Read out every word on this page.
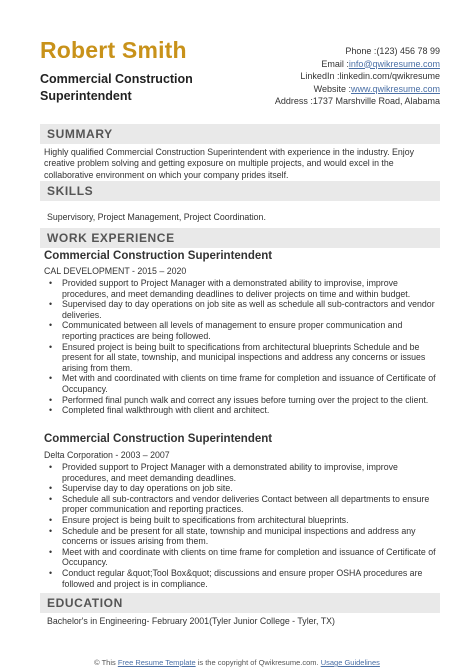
Robert Smith
Commercial Construction Superintendent
Phone :(123) 456 78 99
Email :info@qwikresume.com
LinkedIn :linkedin.com/qwikresume
Website :www.qwikresume.com
Address :1737 Marshville Road, Alabama
SUMMARY
Highly qualified Commercial Construction Superintendent with experience in the industry. Enjoy creative problem solving and getting exposure on multiple projects, and would excel in the collaborative environment on which your company prides itself.
SKILLS
Supervisory, Project Management, Project Coordination.
WORK EXPERIENCE
Commercial Construction Superintendent
CAL DEVELOPMENT - 2015 – 2020
• Provided support to Project Manager with a demonstrated ability to improvise, improve procedures, and meet demanding deadlines to deliver projects on time and within budget.
• Supervised day to day operations on job site as well as schedule all sub-contractors and vendor deliveries.
• Communicated between all levels of management to ensure proper communication and reporting practices are being followed.
• Ensured project is being built to specifications from architectural blueprints Schedule and be present for all state, township, and municipal inspections and address any concerns or issues arising from them.
• Met with and coordinated with clients on time frame for completion and issuance of Certificate of Occupancy.
• Performed final punch walk and correct any issues before turning over the project to the client.
• Completed final walkthrough with client and architect.
Commercial Construction Superintendent
Delta Corporation - 2003 – 2007
• Provided support to Project Manager with a demonstrated ability to improvise, improve procedures, and meet demanding deadlines.
• Supervise day to day operations on job site.
• Schedule all sub-contractors and vendor deliveries Contact between all departments to ensure proper communication and reporting practices.
• Ensure project is being built to specifications from architectural blueprints.
• Schedule and be present for all state, township and municipal inspections and address any concerns or issues arising from them.
• Meet with and coordinate with clients on time frame for completion and issuance of Certificate of Occupancy.
• Conduct regular &quot;Tool Box&quot; discussions and ensure proper OSHA procedures are followed and project is in compliance.
EDUCATION
Bachelor's in Engineering- February 2001(Tyler Junior College - Tyler, TX)
© This Free Resume Template is the copyright of Qwikresume.com. Usage Guidelines
